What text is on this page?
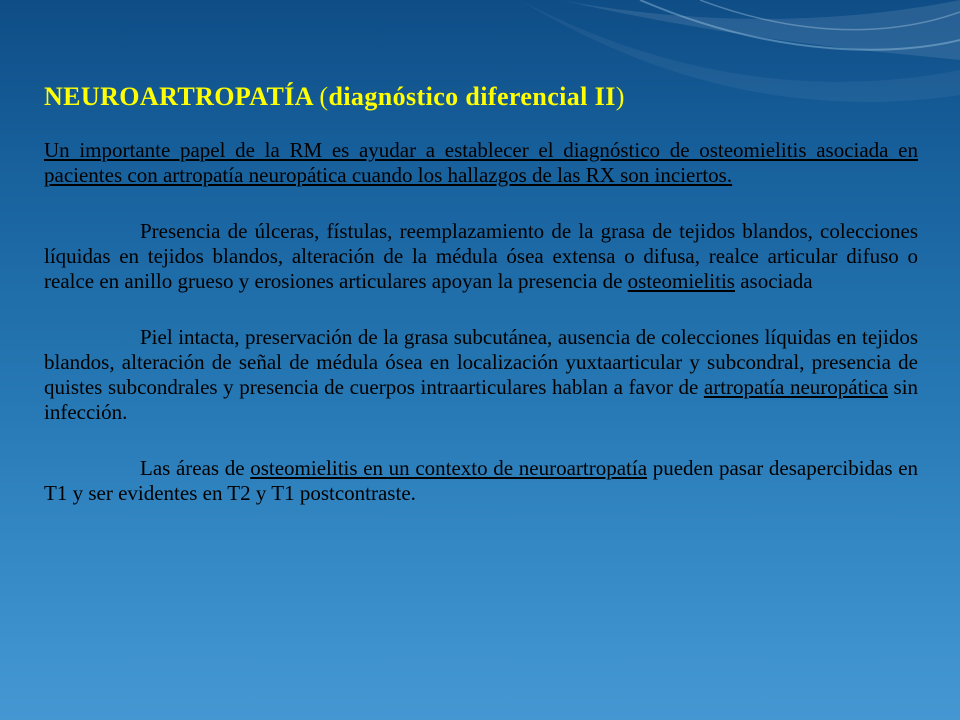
NEUROARTROPATÍA (diagnóstico diferencial II)

Un importante papel de la RM es ayudar a establecer el diagnóstico de osteomielitis asociada en pacientes con artropatía neuropática cuando los hallazgos de las RX son inciertos.

Presencia de úlceras, fístulas, reemplazamiento de la grasa de tejidos blandos, colecciones líquidas en tejidos blandos, alteración de la médula ósea extensa o difusa, realce articular difuso o realce en anillo grueso y erosiones articulares apoyan la presencia de osteomielitis asociada

Piel intacta, preservación de la grasa subcutánea, ausencia de colecciones líquidas en tejidos blandos, alteración de señal de médula ósea en localización yuxtaarticular y subcondral, presencia de quistes subcondrales y presencia de cuerpos intraarticulares hablan a favor de artropatía neuropática sin infección.

Las áreas de osteomielitis en un contexto de neuroartropatía pueden pasar desapercibidas en T1 y ser evidentes en T2 y T1 postcontraste.
